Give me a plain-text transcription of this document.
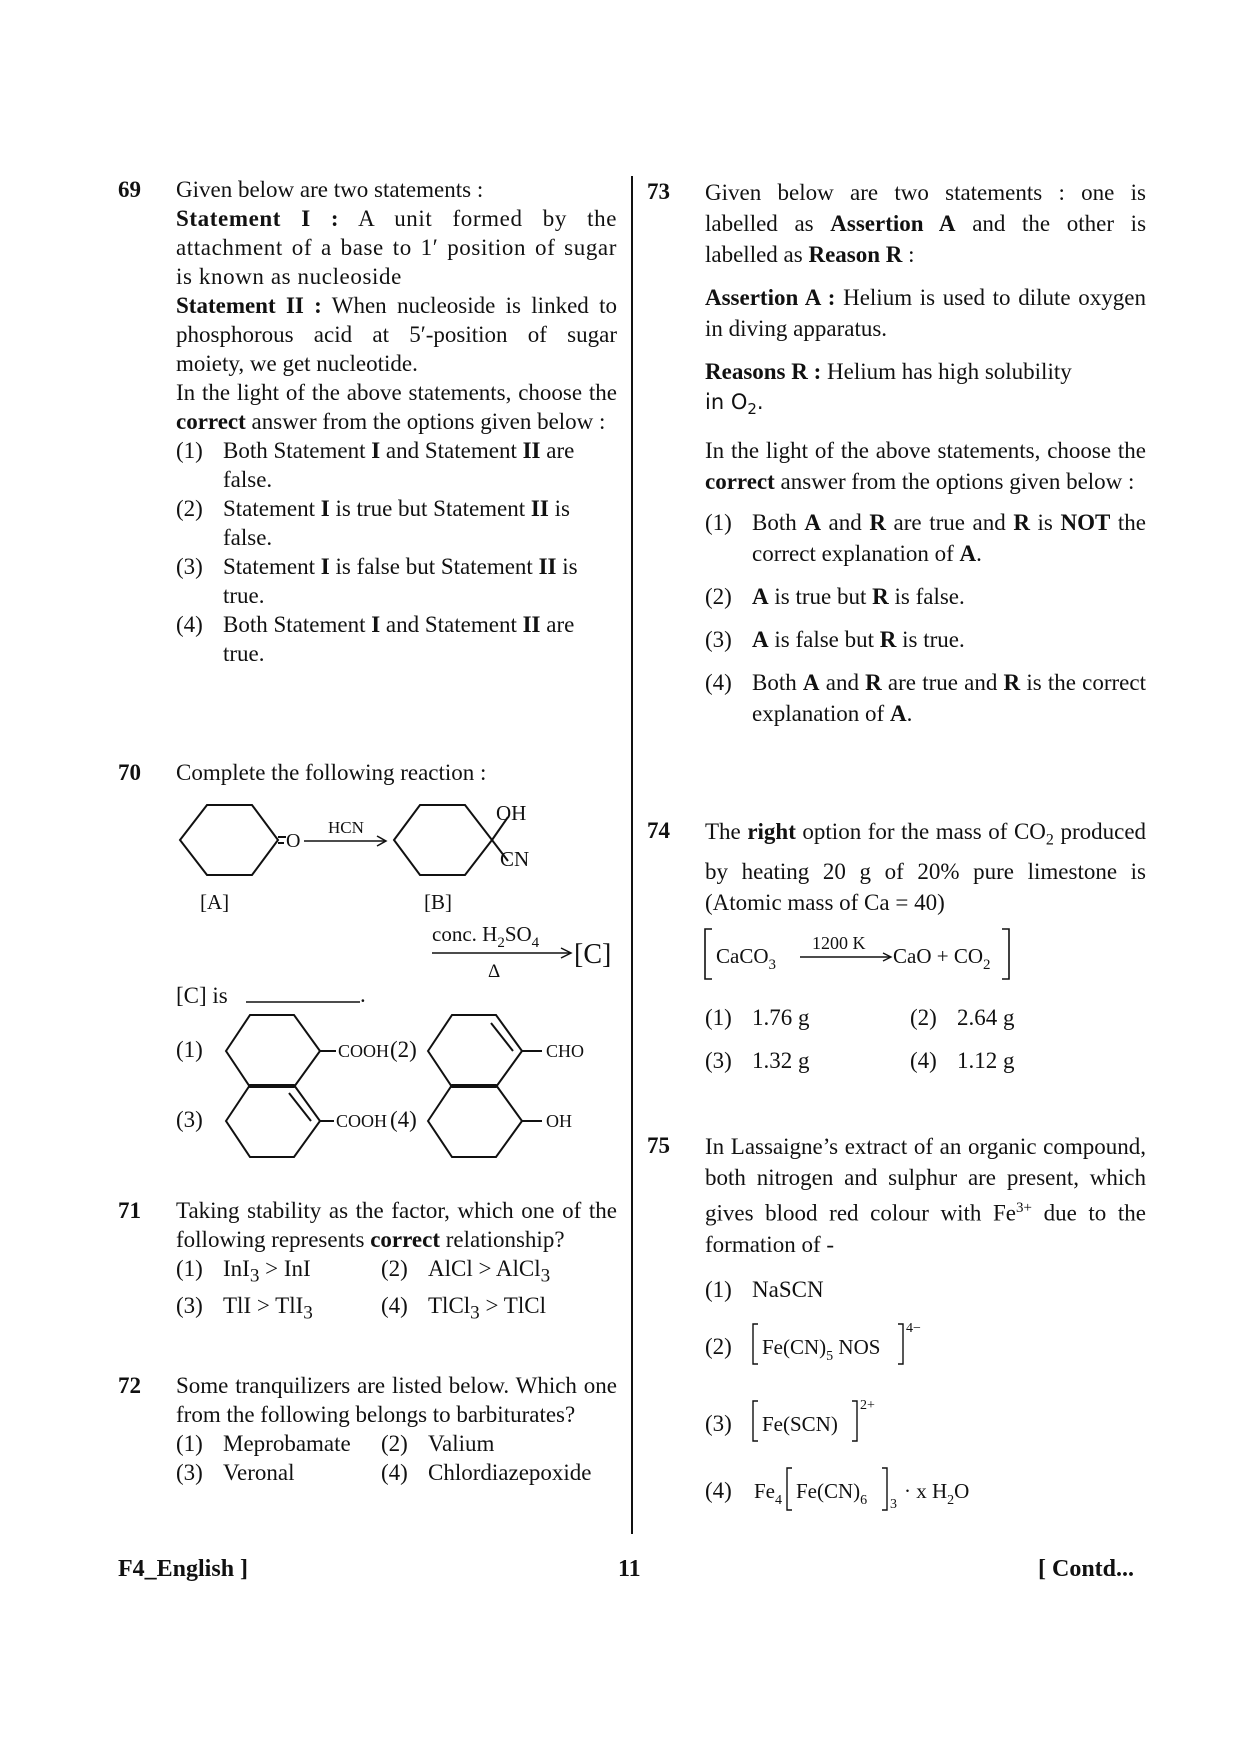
69 Given below are two statements :
Statement I : A unit formed by the attachment of a base to 1′ position of sugar is known as nucleoside
Statement II : When nucleoside is linked to phosphorous acid at 5′-position of sugar moiety, we get nucleotide.
In the light of the above statements, choose the correct answer from the options given below :
(1) Both Statement I and Statement II are false.
(2) Statement I is true but Statement II is false.
(3) Statement I is false but Statement II is true.
(4) Both Statement I and Statement II are true.
70 Complete the following reaction :
O
HCN
OH
CN
[A]	[B]
conc. $H_2SO_4$
Δ
[C]
[C] is	.
(1)	COOH (2)	CHO
(3)	COOH (4)	OH
71 Taking stability as the factor, which one of the following represents correct relationship?
(1) InI$_3$ > InI	(2) AlCl > AlCl$_3$
(3) TlI > TlI$_3$	(4) TlCl$_3$ > TlCl
72 Some tranquilizers are listed below. Which one from the following belongs to barbiturates?
(1) Meprobamate (2) Valium
(3) Veronal	(4) Chlordiazepoxide
73 Given below are two statements : one is labelled as Assertion A and the other is labelled as Reason R :
Assertion A : Helium is used to dilute oxygen in diving apparatus.
Reasons R : Helium has high solubility
in $O_2$.
In the light of the above statements, choose the correct answer from the options given below :
(1) Both A and R are true and R is NOT the correct explanation of A.
(2) A is true but R is false.
(3) A is false but R is true.
(4) Both A and R are true and R is the correct explanation of A.
74 The right option for the mass of $CO_2$ produced by heating 20 g of 20% pure limestone is (Atomic mass of Ca = 40)
CaCO$_3$
1200 K
CaO + $CO_2$
(1) 1.76 g	(2) 2.64 g
(3) 1.32 g	(4) 1.12 g
75 In Lassaigne’s extract of an organic compound, both nitrogen and sulphur are present, which gives blood red colour with $Fe^{3+}$ due to the formation of -
(1) NaSCN
(2) $Fe(CN)_5$ NOS
4−
(3) Fe(SCN)
2+
(4) $Fe_4$ $Fe(CN)_6$ 3
· x $H_2O$
F4_English ]	11	[ Contd...
